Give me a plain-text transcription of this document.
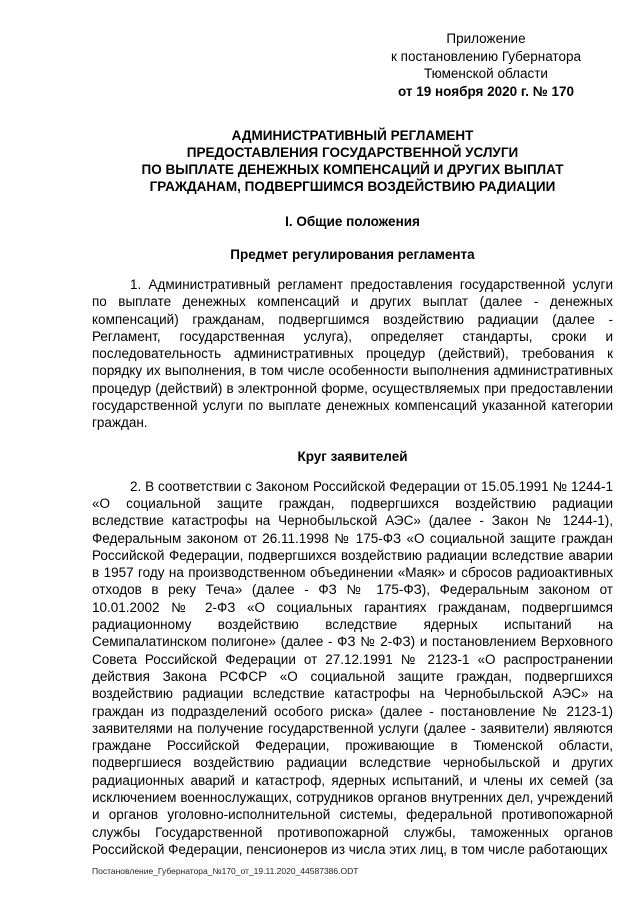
Приложение
к постановлению Губернатора
Тюменской области
от 19 ноября 2020 г. № 170
АДМИНИСТРАТИВНЫЙ РЕГЛАМЕНТ
ПРЕДОСТАВЛЕНИЯ ГОСУДАРСТВЕННОЙ УСЛУГИ
ПО ВЫПЛАТЕ ДЕНЕЖНЫХ КОМПЕНСАЦИЙ И ДРУГИХ ВЫПЛАТ
ГРАЖДАНАМ, ПОДВЕРГШИМСЯ ВОЗДЕЙСТВИЮ РАДИАЦИИ
I. Общие положения
Предмет регулирования регламента

1. Административный регламент предоставления государственной услуги по выплате денежных компенсаций и других выплат (далее - денежных компенсаций) гражданам, подвергшимся воздействию радиации (далее - Регламент, государственная услуга), определяет стандарты, сроки и последовательность административных процедур (действий), требования к порядку их выполнения, в том числе особенности выполнения административных процедур (действий) в электронной форме, осуществляемых при предоставлении государственной услуги по выплате денежных компенсаций указанной категории граждан.

Круг заявителей

2. В соответствии с Законом Российской Федерации от 15.05.1991 № 1244-1 «О социальной защите граждан, подвергшихся воздействию радиации вследствие катастрофы на Чернобыльской АЭС» (далее - Закон № 1244-1), Федеральным законом от 26.11.1998 № 175-ФЗ «О социальной защите граждан Российской Федерации, подвергшихся воздействию радиации вследствие аварии в 1957 году на производственном объединении «Маяк» и сбросов радиоактивных отходов в реку Теча» (далее - ФЗ № 175-ФЗ), Федеральным законом от 10.01.2002 № 2-ФЗ «О социальных гарантиях гражданам, подвергшимся радиационному воздействию вследствие ядерных испытаний на Семипалатинском полигоне» (далее - ФЗ № 2-ФЗ) и постановлением Верховного Совета Российской Федерации от 27.12.1991 № 2123-1 «О распространении действия Закона РСФСР «О социальной защите граждан, подвергшихся воздействию радиации вследствие катастрофы на Чернобыльской АЭС» на граждан из подразделений особого риска» (далее - постановление № 2123-1) заявителями на получение государственной услуги (далее - заявители) являются граждане Российской Федерации, проживающие в Тюменской области, подвергшиеся воздействию радиации вследствие чернобыльской и других радиационных аварий и катастроф, ядерных испытаний, и члены их семей (за исключением военнослужащих, сотрудников органов внутренних дел, учреждений и органов уголовно-исполнительной системы, федеральной противопожарной службы Государственной противопожарной службы, таможенных органов Российской Федерации, пенсионеров из числа этих лиц, в том числе работающих

Постановление_Губернатора_№170_от_19.11.2020_44587386.ODT
